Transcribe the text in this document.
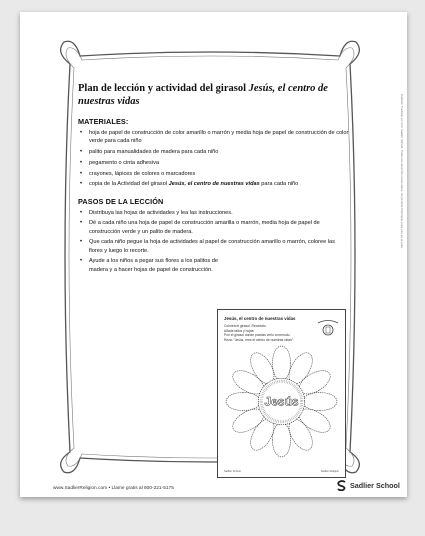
Plan de lección y actividad del girasol Jesús, el centro de nuestras vidas

MATERIALES:
• hoja de papel de construcción de color amarillo o marrón y media hoja de papel de construcción de color verde para cada niño
• palito para manualidades de madera para cada niño
• pegamento o cinta adhesiva
• crayones, lápices de colores o marcadores
• copia de la Actividad del girasol Jesús, el centro de nuestras vidas para cada niño
PASOS DE LA LECCIÓN
• Distribuya las hojas de actividades y lea las instrucciones.
• Dé a cada niño una hoja de papel de construcción amarilla o marrón, media hoja de papel de construcción verde y un palito de madera.
• Que cada niño pegue la hoja de actividades al papel de construcción amarillo o marrón, coloree las flores y luego lo recorte.
• Ayude a los niños a pegar sus flores a los palitos de madera y a hacer hojas de papel de construcción.
Catholic Tradition en Vivo Sadlier School. Todos los derechos reservados. Se permite fotocopiar para uso en el aula.
Jesús, el centro de nuestras vidas
Colorea el girasol. Recórtalo.
Añade tallos y hojas.
Pon el girasol donde puedas verlo a menudo.
Reza: "Jesús, eres el centro de nuestras vidas".
Jesús
Sadlier School	Sadlier Religion
www.SadlierReligion.com • Llame gratis al 800-221-5175	Sadlier School
